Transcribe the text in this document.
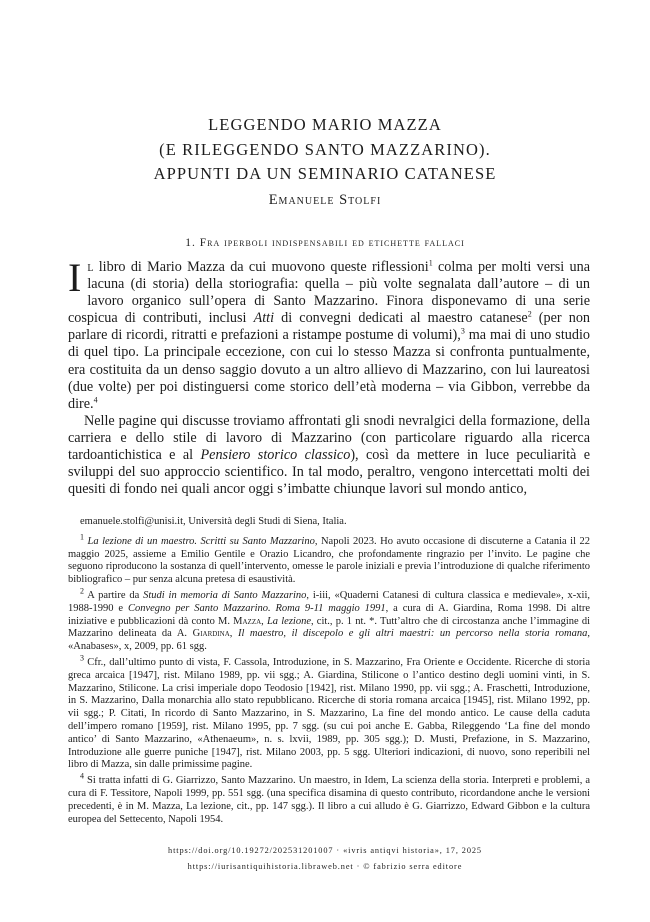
LEGGENDO MARIO MAZZA
(E RILEGGENDO SANTO MAZZARINO).
APPUNTI DA UN SEMINARIO CATANESE
Emanuele Stolfi
1. Fra iperboli indispensabili ed etichette fallaci

Il libro di Mario Mazza da cui muovono queste riflessioni$^1$ colma per molti versi una lacuna (di storia) della storiografia: quella – più volte segnalata dall’autore – di un lavoro organico sull’opera di Santo Mazzarino. Finora disponevamo di una serie cospicua di contributi, inclusi Atti di convegni dedicati al maestro catanese$^2$ (per non parlare di ricordi, ritratti e prefazioni a ristampe postume di volumi),$^3$ ma mai di uno studio di quel tipo. La principale eccezione, con cui lo stesso Mazza si confronta puntualmente, era costituita da un denso saggio dovuto a un altro allievo di Mazzarino, con lui laureatosi (due volte) per poi distinguersi come storico dell’età moderna – via Gibbon, verrebbe da dire.$^4$

Nelle pagine qui discusse troviamo affrontati gli snodi nevralgici della formazione, della carriera e dello stile di lavoro di Mazzarino (con particolare riguardo alla ricerca tardoantichistica e al Pensiero storico classico), così da mettere in luce peculiarità e sviluppi del suo approccio scientifico. In tal modo, peraltro, vengono intercettati molti dei quesiti di fondo nei quali ancor oggi s’imbatte chiunque lavori sul mondo antico,

emanuele.stolfi@unisi.it, Università degli Studi di Siena, Italia.

$^1$ La lezione di un maestro. Scritti su Santo Mazzarino, Napoli 2023. Ho avuto occasione di discuterne a Catania il 22 maggio 2025, assieme a Emilio Gentile e Orazio Licandro, che profondamente ringrazio per l’invito. Le pagine che seguono riproducono la sostanza di quell’intervento, omesse le parole iniziali e previa l’introduzione di qualche riferimento bibliografico – pur senza alcuna pretesa di esaustività.

$^2$ A partire da Studi in memoria di Santo Mazzarino, i-iii, «Quaderni Catanesi di cultura classica e medievale», x-xii, 1988-1990 e Convegno per Santo Mazzarino. Roma 9-11 maggio 1991, a cura di A. Giardina, Roma 1998. Di altre iniziative e pubblicazioni dà conto M. Mazza, La lezione, cit., p. 1 nt. *. Tutt’altro che di circostanza anche l’immagine di Mazzarino delineata da A. Giardina, Il maestro, il discepolo e gli altri maestri: un percorso nella storia romana, «Anabases», x, 2009, pp. 61 sgg.

$^3$ Cfr., dall’ultimo punto di vista, F. Cassola, Introduzione, in S. Mazzarino, Fra Oriente e Occidente. Ricerche di storia greca arcaica [1947], rist. Milano 1989, pp. vii sgg.; A. Giardina, Stilicone o l’antico destino degli uomini vinti, in S. Mazzarino, Stilicone. La crisi imperiale dopo Teodosio [1942], rist. Milano 1990, pp. vii sgg.; A. Fraschetti, Introduzione, in S. Mazzarino, Dalla monarchia allo stato repubblicano. Ricerche di storia romana arcaica [1945], rist. Milano 1992, pp. vii sgg.; P. Citati, In ricordo di Santo Mazzarino, in S. Mazzarino, La fine del mondo antico. Le cause della caduta dell’impero romano [1959], rist. Milano 1995, pp. 7 sgg. (su cui poi anche E. Gabba, Rileggendo ‘La fine del mondo antico’ di Santo Mazzarino, «Athenaeum», n. s. lxvii, 1989, pp. 305 sgg.); D. Musti, Prefazione, in S. Mazzarino, Introduzione alle guerre puniche [1947], rist. Milano 2003, pp. 5 sgg. Ulteriori indicazioni, di nuovo, sono reperibili nel libro di Mazza, sin dalle primissime pagine.

$^4$ Si tratta infatti di G. Giarrizzo, Santo Mazzarino. Un maestro, in Idem, La scienza della storia. Interpreti e problemi, a cura di F. Tessitore, Napoli 1999, pp. 551 sgg. (una specifica disamina di questo contributo, ricordandone anche le versioni precedenti, è in M. Mazza, La lezione, cit., pp. 147 sgg.). Il libro a cui alludo è G. Giarrizzo, Edward Gibbon e la cultura europea del Settecento, Napoli 1954.

https://doi.org/10.19272/202531201007 · «ivris antiqvi historia», 17, 2025
https://iurisantiquihistoria.libraweb.net · © fabrizio serra editore
